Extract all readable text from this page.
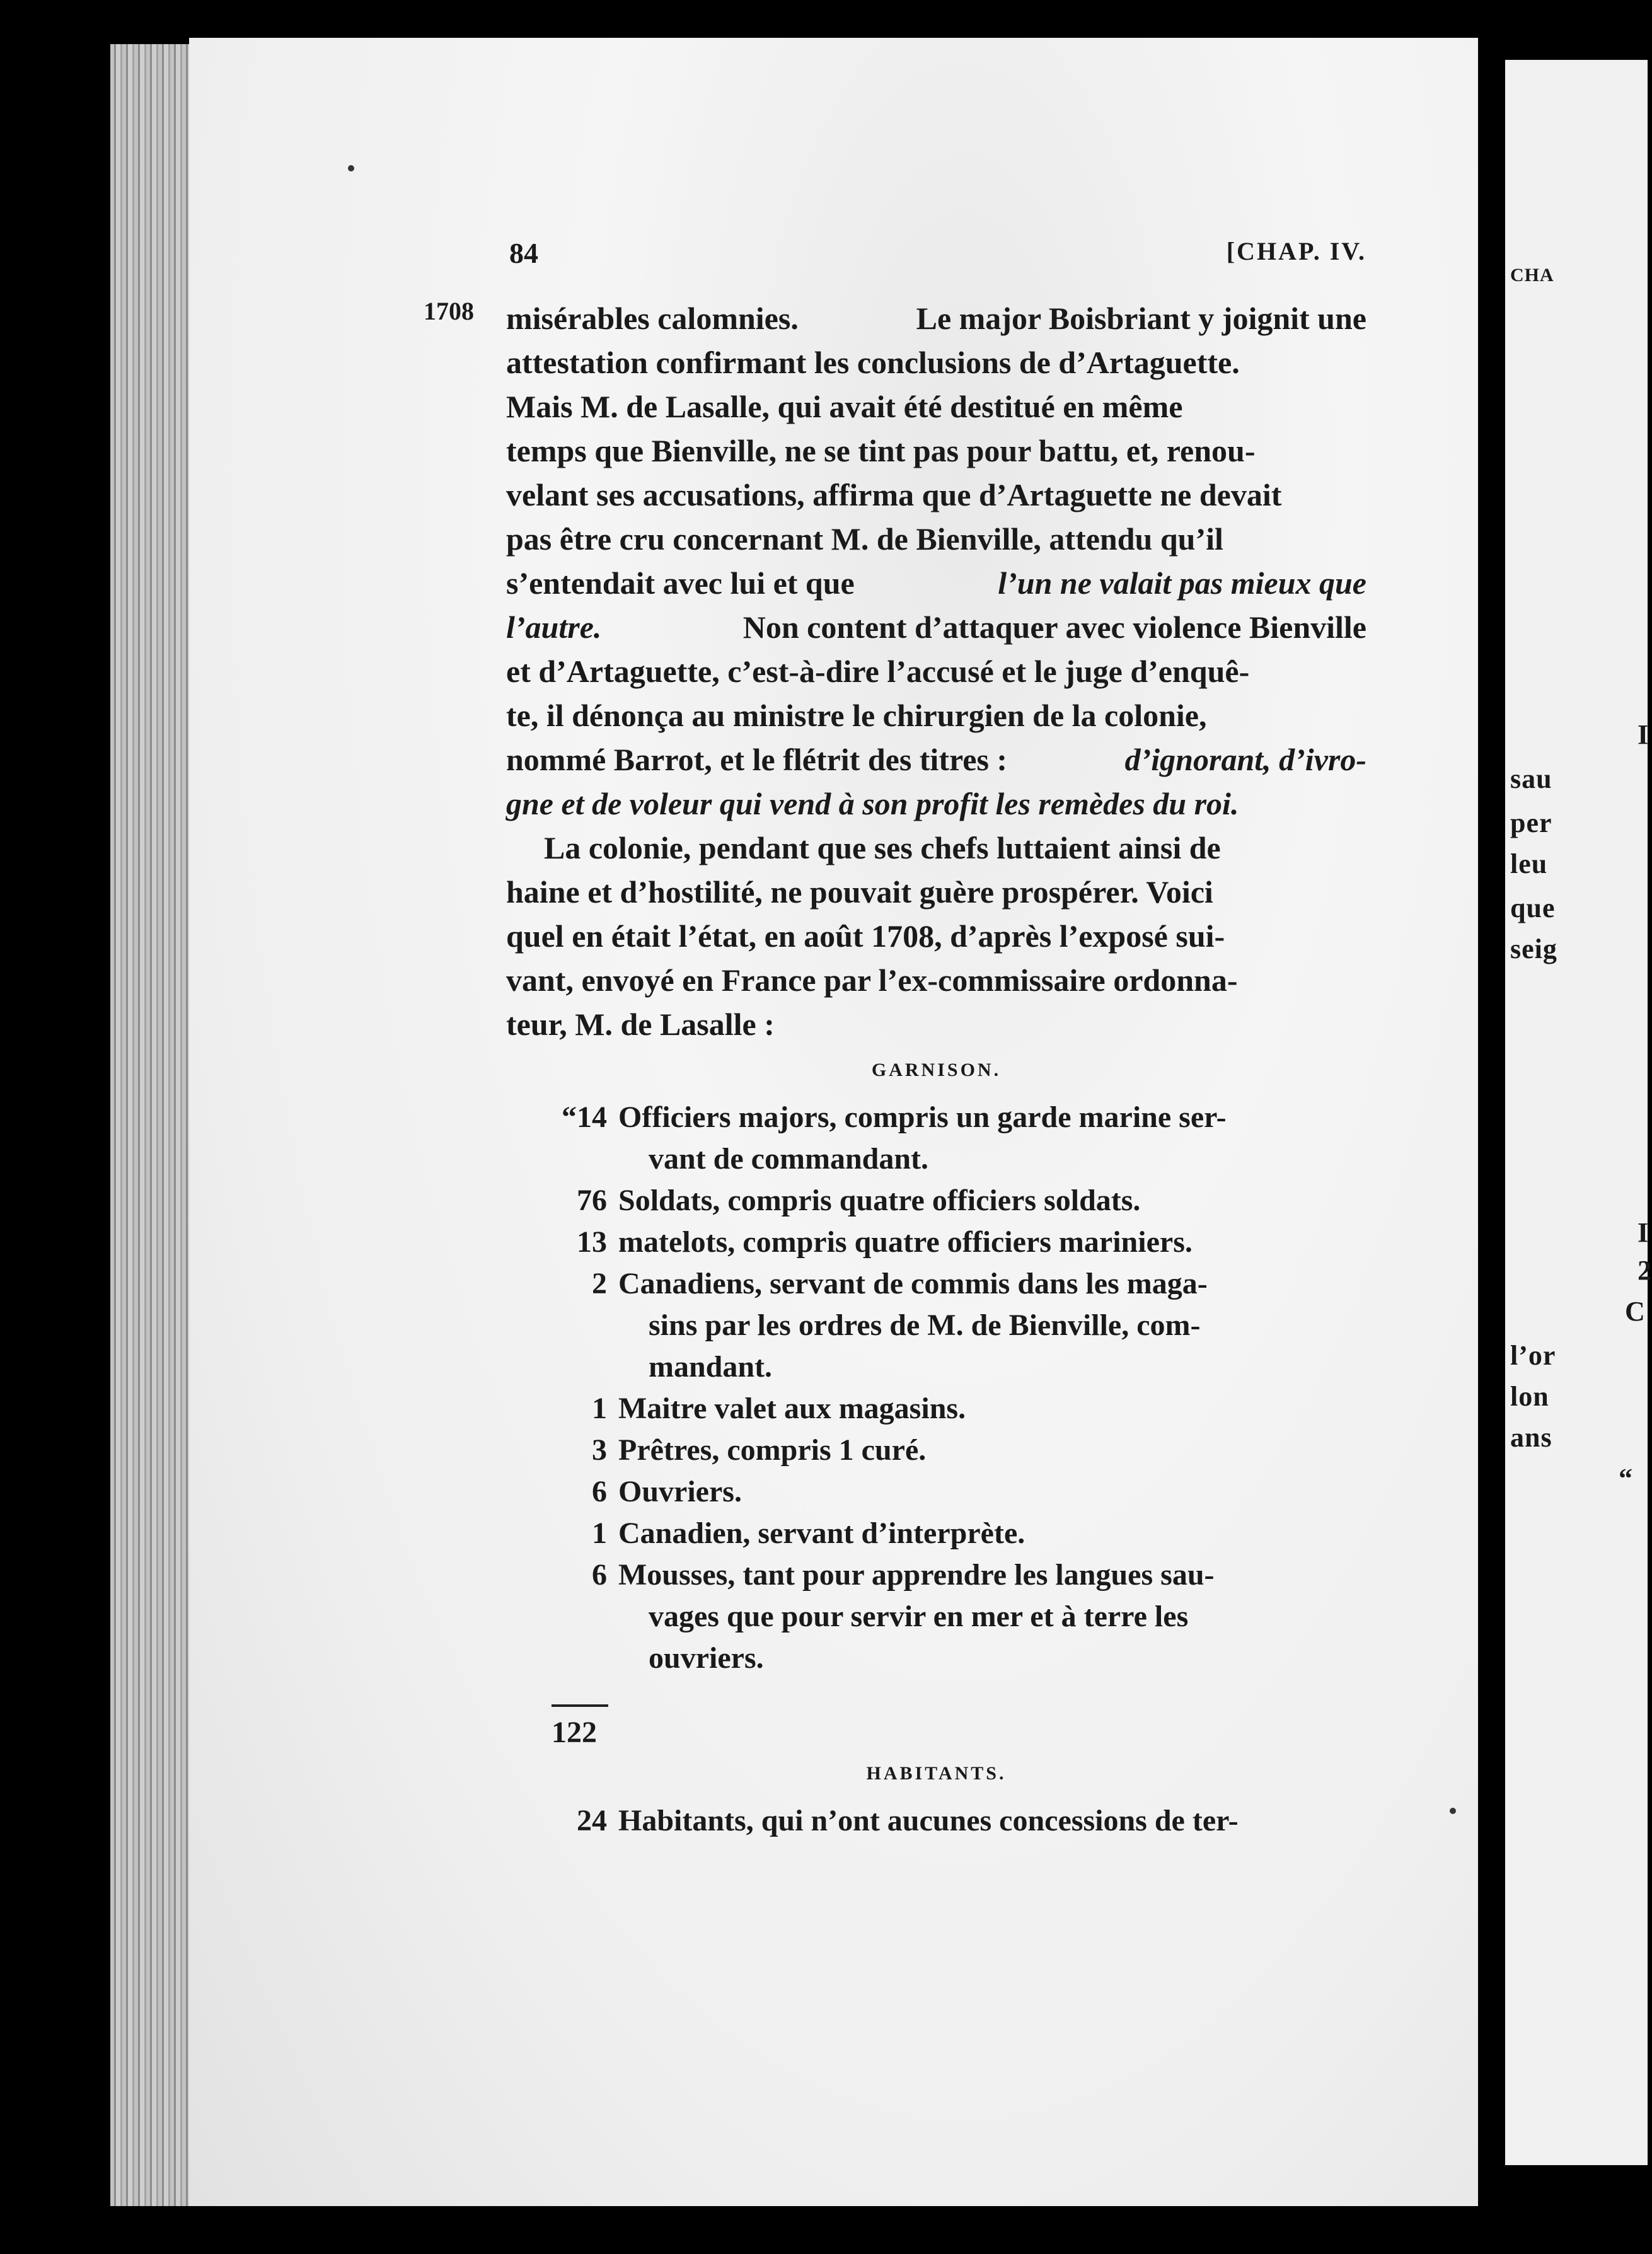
CHA
I
sau
per
leu
que
seig
I
2
C
l’or
lon
ans
“
84	[CHAP. IV.
1708 misérables calomnies.	Le major Boisbriant y joignit une
attestation confirmant les conclusions de d’Artaguette.
Mais M. de Lasalle, qui avait été destitué en même
temps que Bienville, ne se tint pas pour battu, et, renou-
velant ses accusations, affirma que d’Artaguette ne devait
pas être cru concernant M. de Bienville, attendu qu’il
s’entendait avec lui et que	l’un ne valait pas mieux que
l’autre.	Non content d’attaquer avec violence Bienville
et d’Artaguette, c’est-à-dire l’accusé et le juge d’enquê-
te, il dénonça au ministre le chirurgien de la colonie,
nommé Barrot, et le flétrit des titres :	d’ignorant, d’ivro-
gne et de voleur qui vend à son profit les remèdes du roi.
La colonie, pendant que ses chefs luttaient ainsi de
haine et d’hostilité, ne pouvait guère prospérer. Voici
quel en était l’état, en août 1708, d’après l’exposé sui-
vant, envoyé en France par l’ex-commissaire ordonna-
teur, M. de Lasalle :
GARNISON.
“14 Officiers majors, compris un garde marine ser-
vant de commandant.
76 Soldats, compris quatre officiers soldats.
13 matelots, compris quatre officiers mariniers.
2 Canadiens, servant de commis dans les maga-
sins par les ordres de M. de Bienville, com-
mandant.
1 Maitre valet aux magasins.
3 Prêtres, compris 1 curé.
6 Ouvriers.
1 Canadien, servant d’interprète.
6 Mousses, tant pour apprendre les langues sau-
vages que pour servir en mer et à terre les
ouvriers.
122
HABITANTS.
24 Habitants, qui n’ont aucunes concessions de ter-
